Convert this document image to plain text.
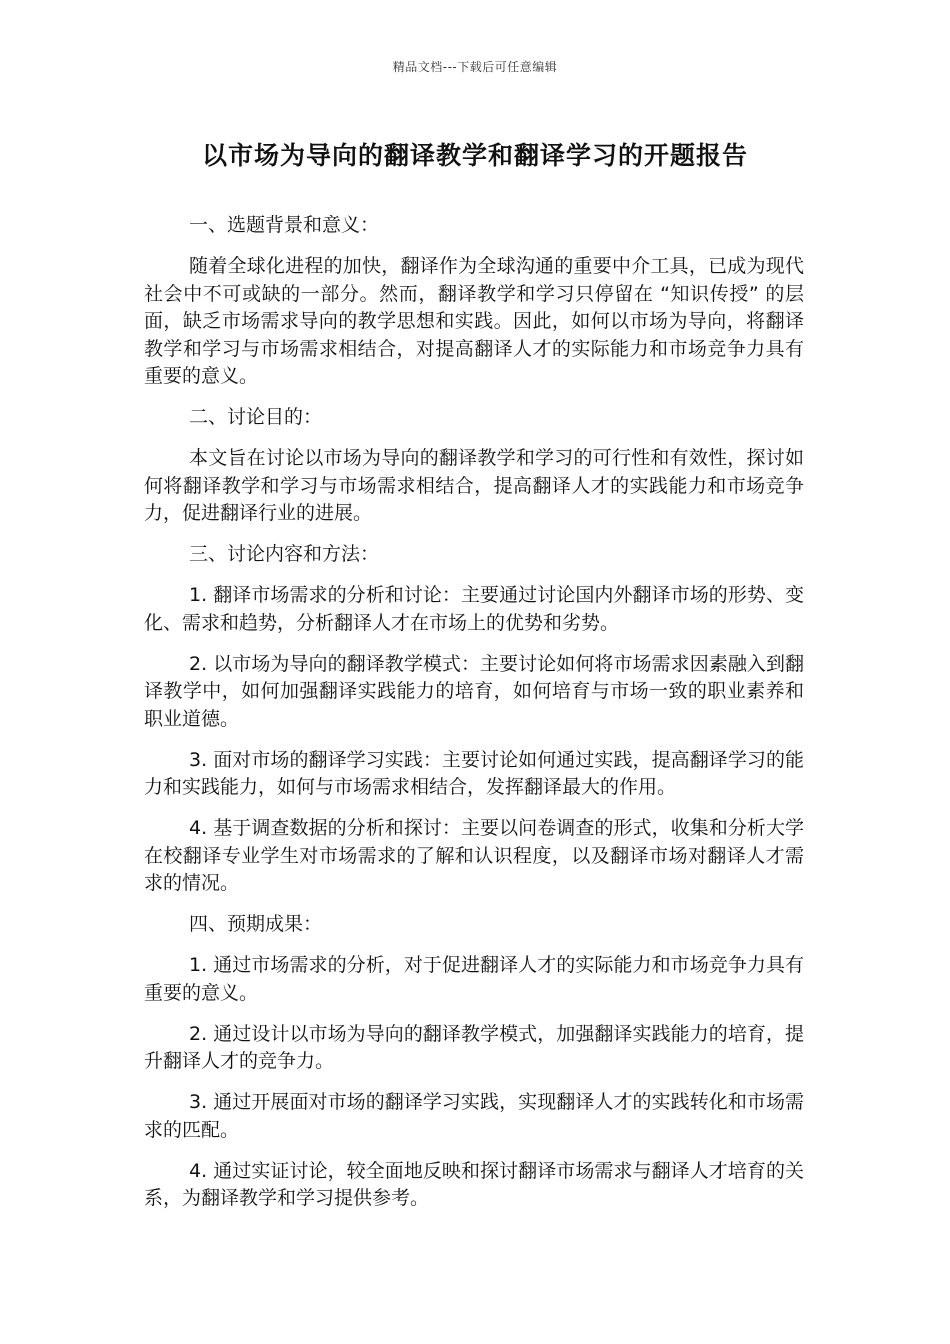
精品文档---下载后可任意编辑
以市场为导向的翻译教学和翻译学习的开题报告

一、选题背景和意义：

随着全球化进程的加快，翻译作为全球沟通的重要中介工具，已成为现代社会中不可或缺的一部分。然而，翻译教学和学习只停留在 “知识传授” 的层面，缺乏市场需求导向的教学思想和实践。因此，如何以市场为导向，将翻译教学和学习与市场需求相结合，对提高翻译人才的实际能力和市场竞争力具有重要的意义。

二、讨论目的：

本文旨在讨论以市场为导向的翻译教学和学习的可行性和有效性，探讨如何将翻译教学和学习与市场需求相结合，提高翻译人才的实践能力和市场竞争力，促进翻译行业的进展。

三、讨论内容和方法：

1. 翻译市场需求的分析和讨论：主要通过讨论国内外翻译市场的形势、变化、需求和趋势，分析翻译人才在市场上的优势和劣势。

2. 以市场为导向的翻译教学模式：主要讨论如何将市场需求因素融入到翻译教学中，如何加强翻译实践能力的培育，如何培育与市场一致的职业素养和职业道德。

3. 面对市场的翻译学习实践：主要讨论如何通过实践，提高翻译学习的能力和实践能力，如何与市场需求相结合，发挥翻译最大的作用。

4. 基于调查数据的分析和探讨：主要以问卷调查的形式，收集和分析大学在校翻译专业学生对市场需求的了解和认识程度，以及翻译市场对翻译人才需求的情况。

四、预期成果：

1. 通过市场需求的分析，对于促进翻译人才的实际能力和市场竞争力具有重要的意义。

2. 通过设计以市场为导向的翻译教学模式，加强翻译实践能力的培育，提升翻译人才的竞争力。

3. 通过开展面对市场的翻译学习实践，实现翻译人才的实践转化和市场需求的匹配。

4. 通过实证讨论，较全面地反映和探讨翻译市场需求与翻译人才培育的关系，为翻译教学和学习提供参考。
